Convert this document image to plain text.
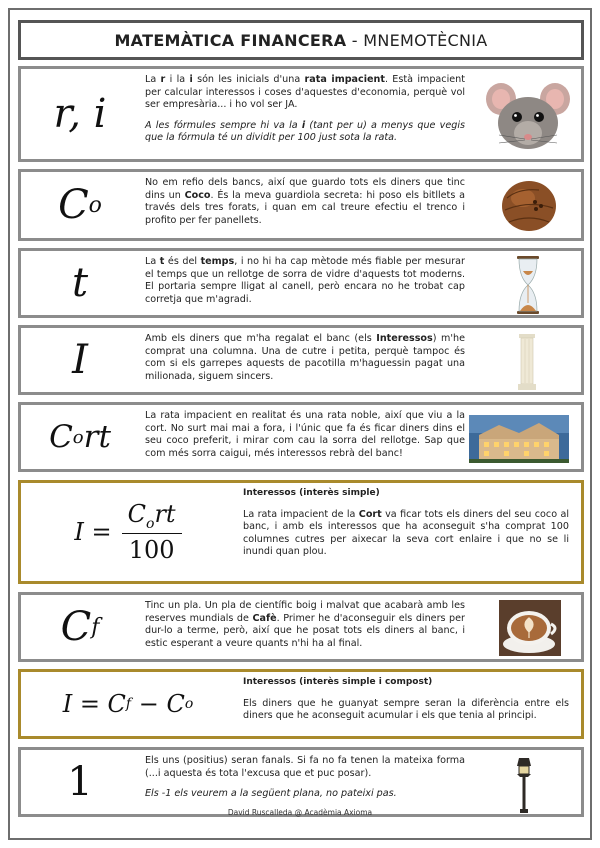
MATEMÀTICA FINANCERA
- MNEMOTÈCNIA
r, i

La r i la i són les inicials d'una rata impacient. Està impacient per calcular interessos i coses d'aquestes d'economia, perquè vol ser empresària... i ho vol ser JA.

A les fórmules sempre hi va la i (tant per u) a menys que vegis que la fórmula té un dividit per 100 just sota la rata.

C o

No em refio dels bancs, així que guardo tots els diners que tinc dins un Coco. És la meva guardiola secreta: hi poso els bitllets a través dels tres forats, i quan em cal treure efectiu el trenco i profito per fer panellets.

t	La t és del temps, i no hi ha cap mètode més fiable per mesurar el temps que un rellotge de sorra de vidre d'aquests tot moderns. El portaria sempre lligat al canell, però encara no he trobat cap corretja que m'agradi.

I	Amb els diners que m'ha regalat el banc (els Interessos) m'he comprat una columna. Una de cutre i petita, perquè tampoc és com si els garrepes aquests de pacotilla m'haguessin pagat una milionada, siguem sincers.

C o rt

La rata impacient en realitat és una rata noble, així que viu a la cort. No surt mai mai a fora, i l'únic que fa és ficar diners dins el seu coco preferit, i mirar com cau la sorra del rellotge. Sap que com més sorra caigui, més interessos rebrà del banc!

$I = \frac{C_ort}{100}$
Interessos (interès simple)

La rata impacient de la Cort va ficar tots els diners del seu coco al banc, i amb els interessos que ha aconseguit s'ha comprat 100 columnes cutres per aixecar la seva cort enlaire i que no se li inundi quan plou.

C f

Tinc un pla. Un pla de científic boig i malvat que acabarà amb les reserves mundials de Cafè. Primer he d'aconseguir els diners per dur-lo a terme, però, així que he posat tots els diners al banc, i estic esperant a veure quants n'hi ha al final.

I = C f − C o
Interessos (interès simple i compost)

Els diners que he guanyat sempre seran la diferència entre els diners que he aconseguit acumular i els que tenia al principi.

1	Els uns (positius) seran fanals. Si fa no fa tenen la mateixa forma (...i aquesta és tota l'excusa que et puc posar).

Els -1 els veurem a la següent plana, no pateixi pas.

David Ruscalleda @ Acadèmia Axioma
